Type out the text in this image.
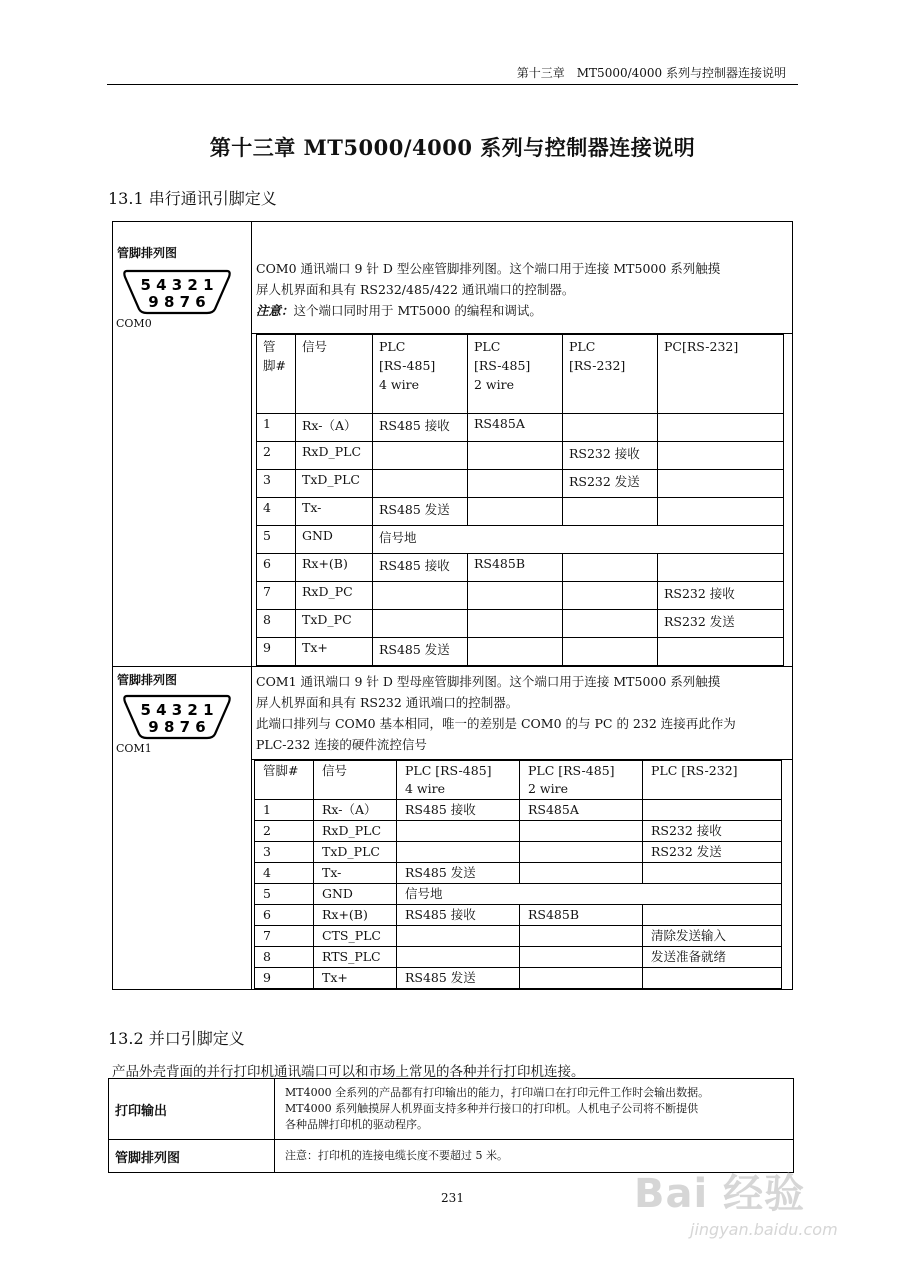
第十三章　MT5000/4000 系列与控制器连接说明
第十三章 MT5000/4000 系列与控制器连接说明
13.1 串行通讯引脚定义
管脚排列图
5 4 3 2 1
9 8 7 6
COM0

COM0 通讯端口 9 针 D 型公座管脚排列图。这个端口用于连接 MT5000 系列触摸
屏人机界面和具有 RS232/485/422 通讯端口的控制器。
注意：这个端口同时用于 MT5000 的编程和调试。

管
脚#	信号	PLC
[RS-485]
4 wire	PLC
[RS-485]
2 wire	PLC
[RS-232]	PC[RS-232]
1	Rx-（A）	RS485 接收	RS485A		
2	RxD_PLC			RS232 接收	
3	TxD_PLC			RS232 发送	
4	Tx-	RS485 发送			
5	GND	信号地
6	Rx+(B)	RS485 接收	RS485B		
7	RxD_PC				RS232 接收
8	TxD_PC				RS232 发送
9	Tx+	RS485 发送			

管脚排列图
5 4 3 2 1
9 8 7 6
COM1

COM1 通讯端口 9 针 D 型母座管脚排列图。这个端口用于连接 MT5000 系列触摸
屏人机界面和具有 RS232 通讯端口的控制器。
此端口排列与 COM0 基本相同，唯一的差别是 COM0 的与 PC 的 232 连接再此作为
PLC-232 连接的硬件流控信号

管脚#	信号	PLC [RS-485]
4 wire	PLC [RS-485]
2 wire	PLC [RS-232]
1	Rx-（A）	RS485 接收	RS485A	
2	RxD_PLC			RS232 接收
3	TxD_PLC			RS232 发送
4	Tx-	RS485 发送		
5	GND	信号地
6	Rx+(B)	RS485 接收	RS485B	
7	CTS_PLC			清除发送输入
8	RTS_PLC			发送准备就绪
9	Tx+	RS485 发送		
13.2 并口引脚定义
产品外壳背面的并行打印机通讯端口可以和市场上常见的各种并行打印机连接。
打印输出	MT4000 全系列的产品都有打印输出的能力，打印端口在打印元件工作时会输出数据。
MT4000 系列触摸屏人机界面支持多种并行接口的打印机。人机电子公司将不断提供
各种品牌打印机的驱动程序。

管脚排列图	注意：打印机的连接电缆长度不要超过 5 米。
231	Bai 经验
jingyan.baidu.com
